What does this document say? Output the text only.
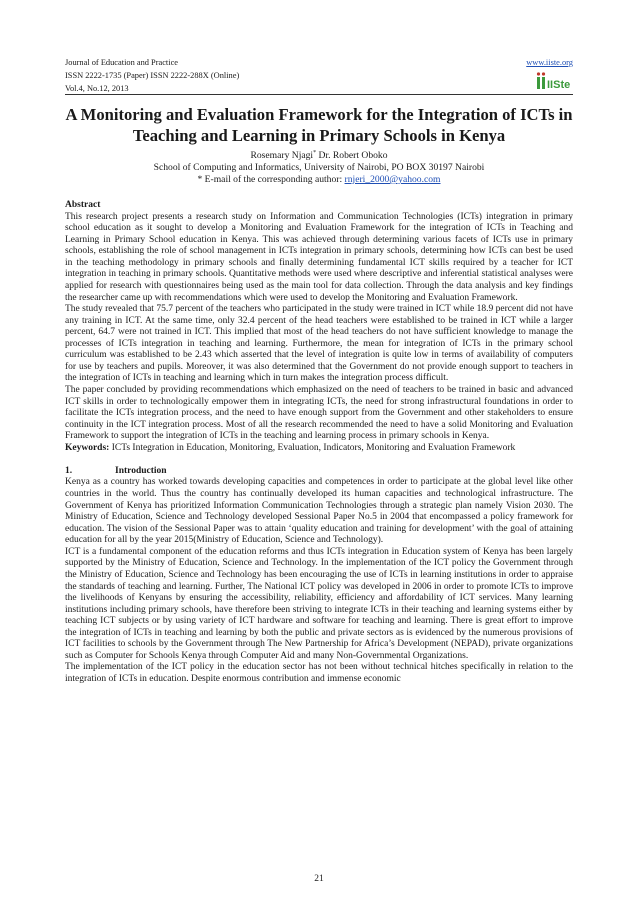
Journal of Education and Practice	www.iiste.org
ISSN 2222-1735 (Paper) ISSN 2222-288X (Online)
Vol.4, No.12, 2013	IISte
A Monitoring and Evaluation Framework for the Integration of ICTs in Teaching and Learning in Primary Schools in Kenya
Rosemary Njagi* Dr. Robert Oboko
School of Computing and Informatics, University of Nairobi, PO BOX 30197 Nairobi
* E-mail of the corresponding author: rnjeri_2000@yahoo.com

Abstract

This research project presents a research study on Information and Communication Technologies (ICTs) integration in primary school education as it sought to develop a Monitoring and Evaluation Framework for the integration of ICTs in Teaching and Learning in Primary School education in Kenya. This was achieved through determining various facets of ICTs use in primary schools, establishing the role of school management in ICTs integration in primary schools, determining how ICTs can best be used in the teaching methodology in primary schools and finally determining fundamental ICT skills required by a teacher for ICT integration in teaching in primary schools. Quantitative methods were used where descriptive and inferential statistical analyses were applied for research with questionnaires being used as the main tool for data collection. Through the data analysis and key findings the researcher came up with recommendations which were used to develop the Monitoring and Evaluation Framework.

The study revealed that 75.7 percent of the teachers who participated in the study were trained in ICT while 18.9 percent did not have any training in ICT. At the same time, only 32.4 percent of the head teachers were established to be trained in ICT while a larger percent, 64.7 were not trained in ICT. This implied that most of the head teachers do not have sufficient knowledge to manage the processes of ICTs integration in teaching and learning. Furthermore, the mean for integration of ICTs in the primary school curriculum was established to be 2.43 which asserted that the level of integration is quite low in terms of availability of computers for use by teachers and pupils. Moreover, it was also determined that the Government do not provide enough support to teachers in the integration of ICTs in teaching and learning which in turn makes the integration process difficult.

The paper concluded by providing recommendations which emphasized on the need of teachers to be trained in basic and advanced ICT skills in order to technologically empower them in integrating ICTs, the need for strong infrastructural foundations in order to facilitate the ICTs integration process, and the need to have enough support from the Government and other stakeholders to ensure continuity in the ICT integration process. Most of all the research recommended the need to have a solid Monitoring and Evaluation Framework to support the integration of ICTs in the teaching and learning process in primary schools in Kenya.

Keywords: ICTs Integration in Education, Monitoring, Evaluation, Indicators, Monitoring and Evaluation Framework

1.	Introduction

Kenya as a country has worked towards developing capacities and competences in order to participate at the global level like other countries in the world. Thus the country has continually developed its human capacities and technological infrastructure. The Government of Kenya has prioritized Information Communication Technologies through a strategic plan namely Vision 2030. The Ministry of Education, Science and Technology developed Sessional Paper No.5 in 2004 that encompassed a policy framework for education. The vision of the Sessional Paper was to attain ‘quality education and training for development’ with the goal of attaining education for all by the year 2015(Ministry of Education, Science and Technology).

ICT is a fundamental component of the education reforms and thus ICTs integration in Education system of Kenya has been largely supported by the Ministry of Education, Science and Technology. In the implementation of the ICT policy the Government through the Ministry of Education, Science and Technology has been encouraging the use of ICTs in learning institutions in order to appraise the standards of teaching and learning. Further, The National ICT policy was developed in 2006 in order to promote ICTs to improve the livelihoods of Kenyans by ensuring the accessibility, reliability, efficiency and affordability of ICT services. Many learning institutions including primary schools, have therefore been striving to integrate ICTs in their teaching and learning systems either by teaching ICT subjects or by using variety of ICT hardware and software for teaching and learning. There is great effort to improve the integration of ICTs in teaching and learning by both the public and private sectors as is evidenced by the numerous provisions of ICT facilities to schools by the Government through The New Partnership for Africa’s Development (NEPAD), private organizations such as Computer for Schools Kenya through Computer Aid and many Non-Governmental Organizations.

The implementation of the ICT policy in the education sector has not been without technical hitches specifically in relation to the integration of ICTs in education. Despite enormous contribution and immense economic

21
